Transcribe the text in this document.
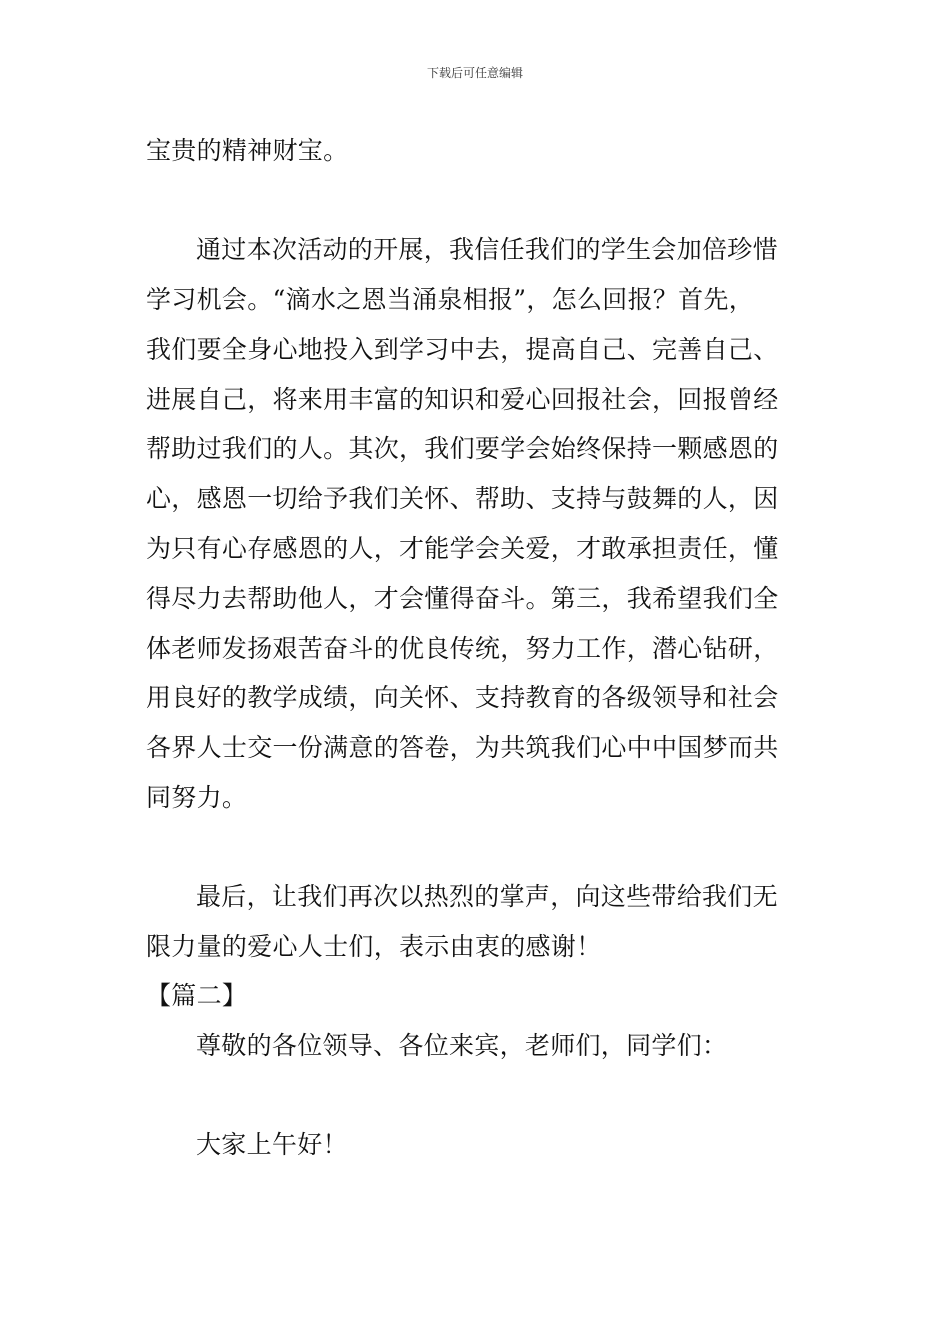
下载后可任意编辑
宝贵的精神财宝。
通过本次活动的开展，我信任我们的学生会加倍珍惜
学习机会。“滴水之恩当涌泉相报”，怎么回报？首先，
我们要全身心地投入到学习中去，提高自己、完善自己、
进展自己，将来用丰富的知识和爱心回报社会，回报曾经
帮助过我们的人。其次，我们要学会始终保持一颗感恩的
心，感恩一切给予我们关怀、帮助、支持与鼓舞的人，因
为只有心存感恩的人，才能学会关爱，才敢承担责任，懂
得尽力去帮助他人，才会懂得奋斗。第三，我希望我们全
体老师发扬艰苦奋斗的优良传统，努力工作，潜心钻研，
用良好的教学成绩，向关怀、支持教育的各级领导和社会
各界人士交一份满意的答卷，为共筑我们心中中国梦而共
同努力。
最后，让我们再次以热烈的掌声，向这些带给我们无
限力量的爱心人士们，表示由衷的感谢！
【篇二】
尊敬的各位领导、各位来宾，老师们，同学们：
大家上午好！
